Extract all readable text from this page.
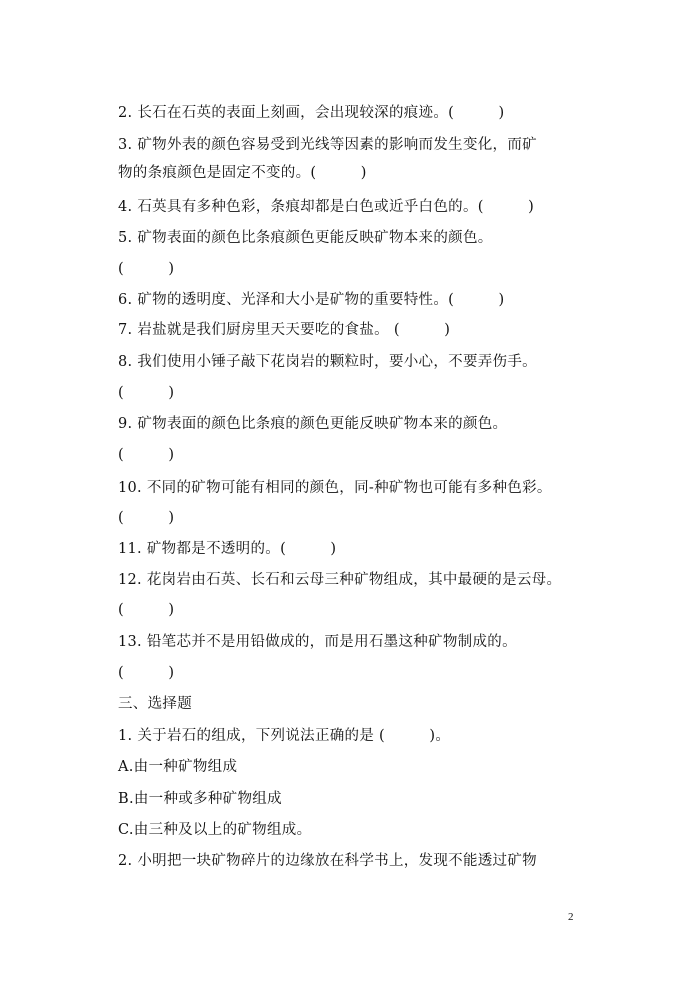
2. 长石在石英的表面上刻画，会出现较深的痕迹。(　　　)
3. 矿物外表的颜色容易受到光线等因素的影响而发生变化，而矿
物的条痕颜色是固定不变的。(　　　)
4. 石英具有多种色彩，条痕却都是白色或近乎白色的。(　　　)
5. 矿物表面的颜色比条痕颜色更能反映矿物本来的颜色。
(　　　)
6. 矿物的透明度、光泽和大小是矿物的重要特性。(　　　)
7. 岩盐就是我们厨房里天天要吃的食盐。 (　　　)
8. 我们使用小锤子敲下花岗岩的颗粒时，要小心，不要弄伤手。
(　　　)
9. 矿物表面的颜色比条痕的颜色更能反映矿物本来的颜色。
(　　　)
10. 不同的矿物可能有相同的颜色，同-种矿物也可能有多种色彩。
(　　　)
11. 矿物都是不透明的。(　　　)
12. 花岗岩由石英、长石和云母三种矿物组成，其中最硬的是云母。
(　　　)
13. 铅笔芯并不是用铅做成的，而是用石墨这种矿物制成的。
(　　　)
三、选择题
1. 关于岩石的组成，下列说法正确的是 (　　　)。
A.由一种矿物组成
B.由一种或多种矿物组成
C.由三种及以上的矿物组成。
2. 小明把一块矿物碎片的边缘放在科学书上，发现不能透过矿物
2
